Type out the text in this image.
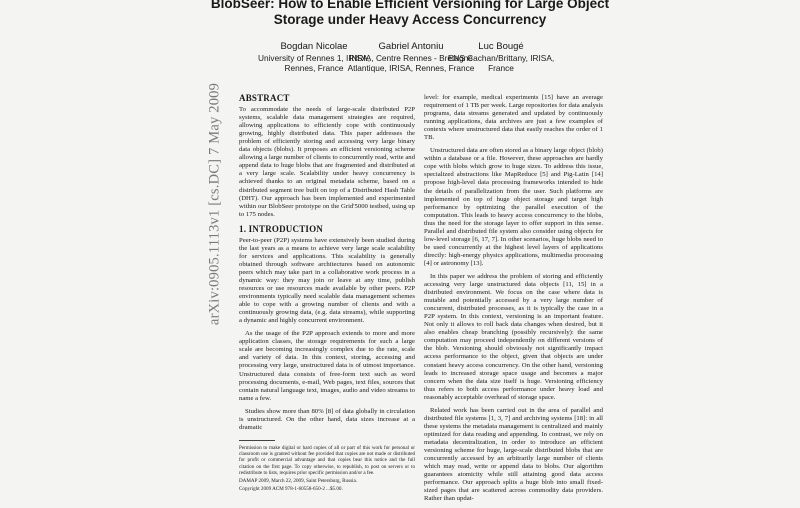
BlobSeer: How to Enable Efficient Versioning for Large Object Storage under Heavy Access Concurrency
Bogdan Nicolae
University of Rennes 1, IRISA, Rennes, France
Gabriel Antoniu
INRIA, Centre Rennes - Bretagne Atlantique, IRISA, Rennes, France
Luc Bougé
ENS Cachan/Brittany, IRISA, France
arXiv:0905.1113v1 [cs.DC] 7 May 2009 ABSTRACT

To accommodate the needs of large-scale distributed P2P systems, scalable data management strategies are required, allowing applications to efficiently cope with continuously growing, highly distributed data. This paper addresses the problem of efficiently storing and accessing very large binary data objects (blobs). It proposes an efficient versioning scheme allowing a large number of clients to concurrently read, write and append data to huge blobs that are fragmented and distributed at a very large scale. Scalability under heavy concurrency is achieved thanks to an original metadata scheme, based on a distributed segment tree built on top of a Distributed Hash Table (DHT). Our approach has been implemented and experimented within our BlobSeer prototype on the Grid'5000 testbed, using up to 175 nodes.

1. INTRODUCTION

Peer-to-peer (P2P) systems have extensively been studied during the last years as a means to achieve very large scale scalability for services and applications. This scalability is generally obtained through software architectures based on autonomic peers which may take part in a collaborative work process in a dynamic way: they may join or leave at any time, publish resources or use resources made available by other peers. P2P environments typically need scalable data management schemes able to cope with a growing number of clients and with a continuously growing data, (e.g. data streams), while supporting a dynamic and highly concurrent environment.

As the usage of the P2P approach extends to more and more application classes, the storage requirements for such a large scale are becoming increasingly complex due to the rate, scale and variety of data. In this context, storing, accessing and processing very large, unstructured data is of utmost importance. Unstructured data consists of free-form text such as word processing documents, e-mail, Web pages, text files, sources that contain natural language text, images, audio and video streams to name a few.

Studies show more than 80% [8] of data globally in circulation is unstructured. On the other hand, data sizes increase at a dramatic

Permission to make digital or hard copies of all or part of this work for personal or classroom use is granted without fee provided that copies are not made or distributed for profit or commercial advantage and that copies bear this notice and the full citation on the first page. To copy otherwise, to republish, to post on servers or to redistribute to lists, requires prior specific permission and/or a fee.
DAMAP 2009, March 22, 2009, Saint Petersburg, Russia.
Copyright 2009 ACM 978-1-60558-650-2 ...$5.00.

level: for example, medical experiments [15] have an average requirement of 1 TB per week. Large repositories for data analysis programs, data streams generated and updated by continuously running applications, data archives are just a few examples of contexts where unstructured data that easily reaches the order of 1 TB.

Unstructured data are often stored as a binary large object (blob) within a database or a file. However, these approaches are hardly cope with blobs which grow to huge sizes. To address this issue, specialized abstractions like MapReduce [5] and Pig-Latin [14] propose high-level data processing frameworks intended to hide the details of parallelization from the user. Such platforms are implemented on top of huge object storage and target high performance by optimizing the parallel execution of the computation. This leads to heavy access concurrency to the blobs, thus the need for the storage layer to offer support in this sense. Parallel and distributed file system also consider using objects for low-level storage [6, 17, 7]. In other scenarios, huge blobs need to be used concurrently at the highest level layers of applications directly: high-energy physics applications, multimedia processing [4] or astronomy [13].

In this paper we address the problem of storing and efficiently accessing very large unstructured data objects [11, 15] in a distributed environment. We focus on the case where data is mutable and potentially accessed by a very large number of concurrent, distributed processes, as it is typically the case in a P2P system. In this context, versioning is an important feature. Not only it allows to roll back data changes when desired, but it also enables cheap branching (possibly recursively): the same computation may proceed independently on different versions of the blob. Versioning should obviously not significantly impact access performance to the object, given that objects are under constant heavy access concurrency. On the other hand, versioning leads to increased storage space usage and becomes a major concern when the data size itself is huge. Versioning efficiency thus refers to both access performance under heavy load and reasonably acceptable overhead of storage space.

Related work has been carried out in the area of parallel and distributed file systems [1, 3, 7] and archiving systems [18]: in all these systems the metadata management is centralized and mainly optimized for data reading and appending. In contrast, we rely on metadata decentralization, in order to introduce an efficient versioning scheme for huge, large-scale distributed blobs that are concurrently accessed by an arbitrarily large number of clients which may read, write or append data to blobs. Our algorithm guarantees atomicity while still attaining good data access performance. Our approach splits a huge blob into small fixed-sized pages that are scattered across commodity data providers. Rather than updat-
